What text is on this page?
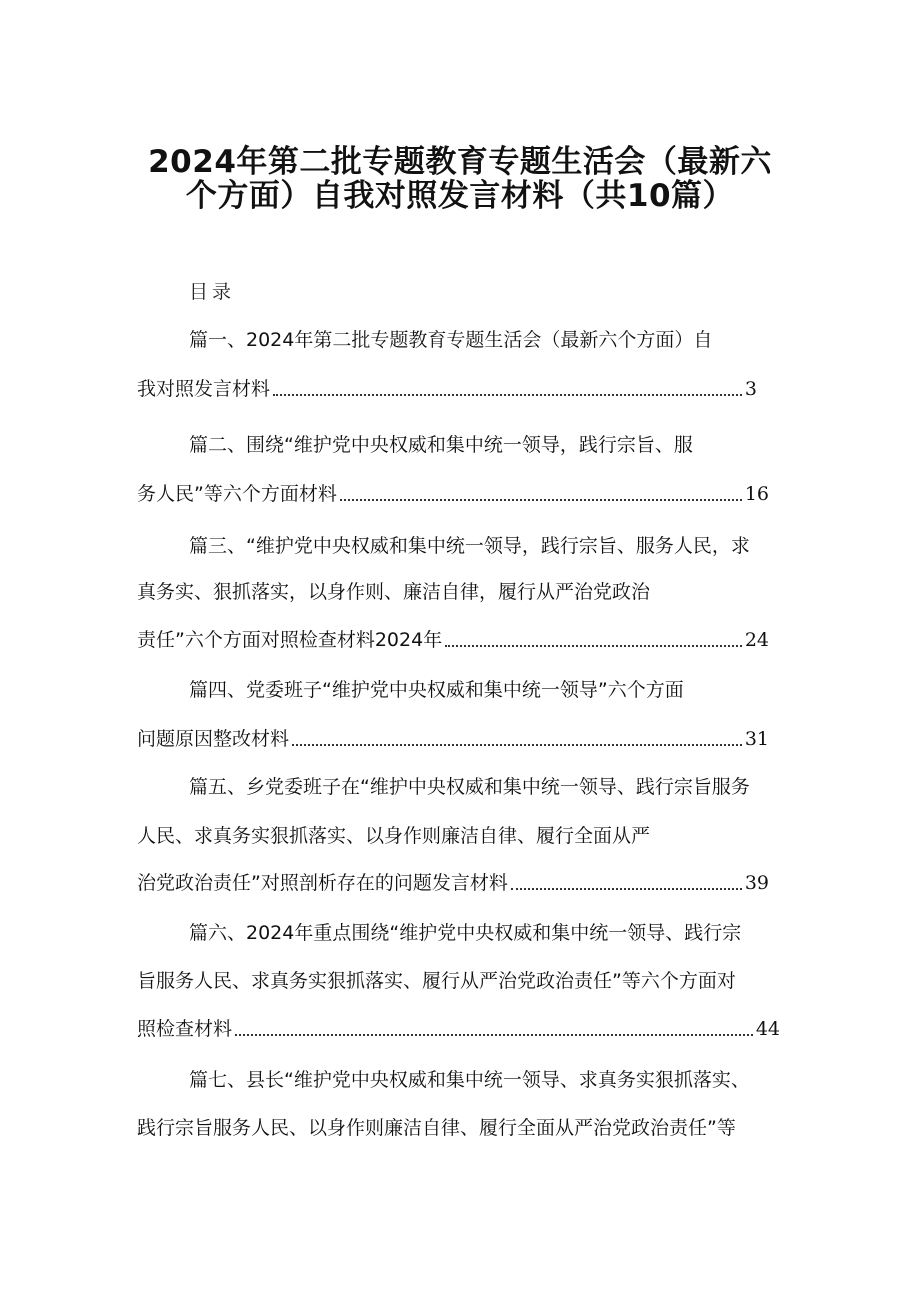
2024年第二批专题教育专题生活会（最新六
个方面）自我对照发言材料（共10篇）
目录
篇一、2024年第二批专题教育专题生活会（最新六个方面）自
我对照发言材料	3
篇二、围绕“维护党中央权威和集中统一领导，践行宗旨、服
务人民”等六个方面材料	16
篇三、“维护党中央权威和集中统一领导，践行宗旨、服务人民，求
真务实、狠抓落实，以身作则、廉洁自律，履行从严治党政治
责任”六个方面对照检查材料2024年	24
篇四、党委班子“维护党中央权威和集中统一领导”六个方面
问题原因整改材料	31
篇五、乡党委班子在“维护中央权威和集中统一领导、践行宗旨服务
人民、求真务实狠抓落实、以身作则廉洁自律、履行全面从严
治党政治责任”对照剖析存在的问题发言材料	39
篇六、2024年重点围绕“维护党中央权威和集中统一领导、践行宗
旨服务人民、求真务实狠抓落实、履行从严治党政治责任”等六个方面对
照检查材料	44
篇七、县长“维护党中央权威和集中统一领导、求真务实狠抓落实、
践行宗旨服务人民、以身作则廉洁自律、履行全面从严治党政治责任”等
